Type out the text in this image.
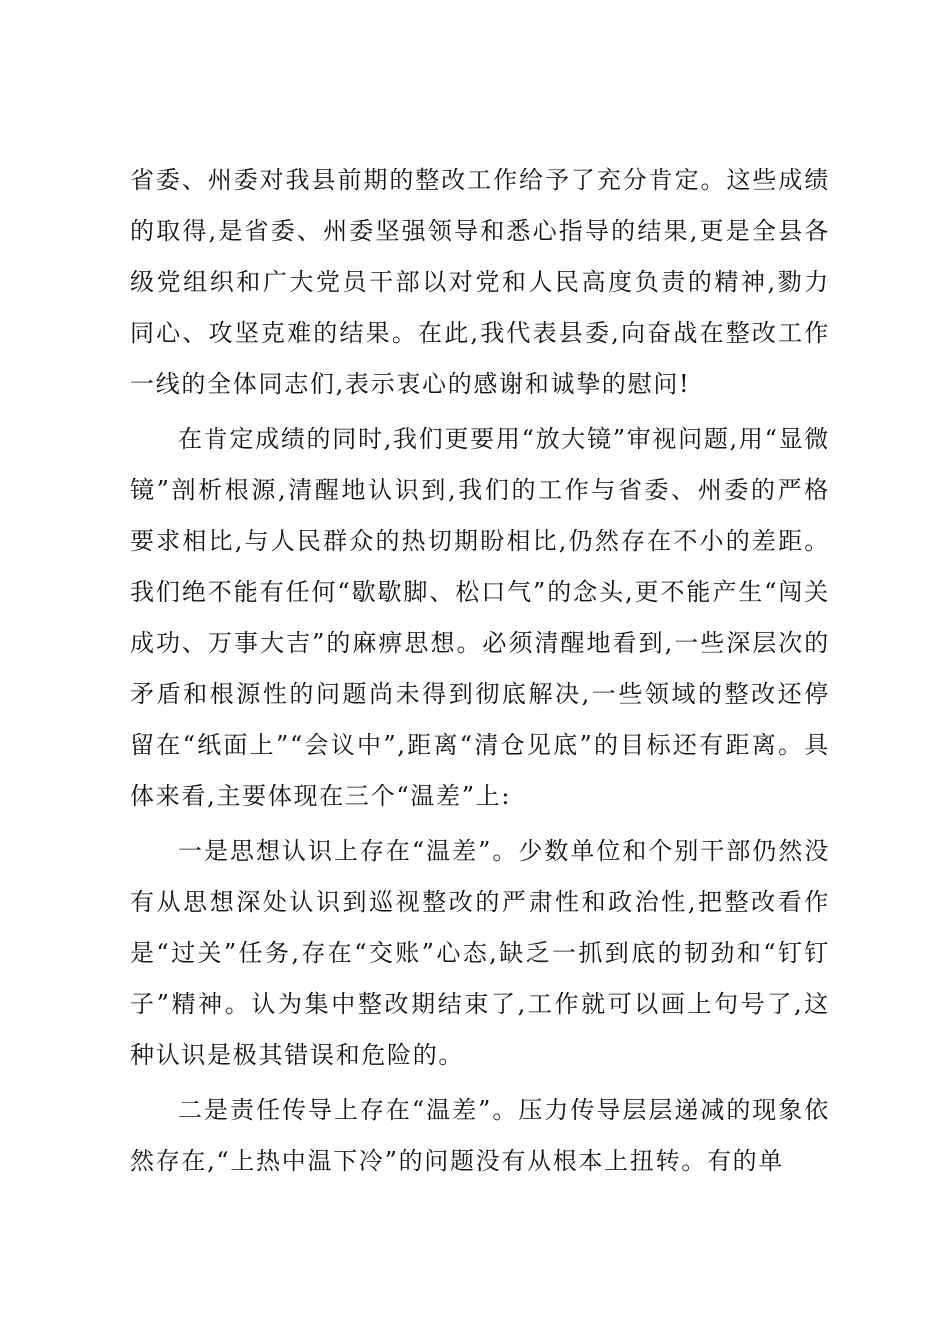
省委、州委对我县前期的整改工作给予了充分肯定。这些成绩的取得,是省委、州委坚强领导和悉心指导的结果,更是全县各级党组织和广大党员干部以对党和人民高度负责的精神,勠力同心、攻坚克难的结果。在此,我代表县委,向奋战在整改工作一线的全体同志们,表示衷心的感谢和诚挚的慰问!

在肯定成绩的同时,我们更要用“放大镜”审视问题,用“显微镜”剖析根源,清醒地认识到,我们的工作与省委、州委的严格要求相比,与人民群众的热切期盼相比,仍然存在不小的差距。我们绝不能有任何“歇歇脚、松口气”的念头,更不能产生“闯关成功、万事大吉”的麻痹思想。必须清醒地看到,一些深层次的矛盾和根源性的问题尚未得到彻底解决,一些领域的整改还停留在“纸面上”“会议中”,距离“清仓见底”的目标还有距离。具体来看,主要体现在三个“温差”上:

一是思想认识上存在“温差”。少数单位和个别干部仍然没有从思想深处认识到巡视整改的严肃性和政治性,把整改看作是“过关”任务,存在“交账”心态,缺乏一抓到底的韧劲和“钉钉子”精神。认为集中整改期结束了,工作就可以画上句号了,这种认识是极其错误和危险的。

二是责任传导上存在“温差”。压力传导层层递减的现象依然存在,“上热中温下冷”的问题没有从根本上扭转。有的单
